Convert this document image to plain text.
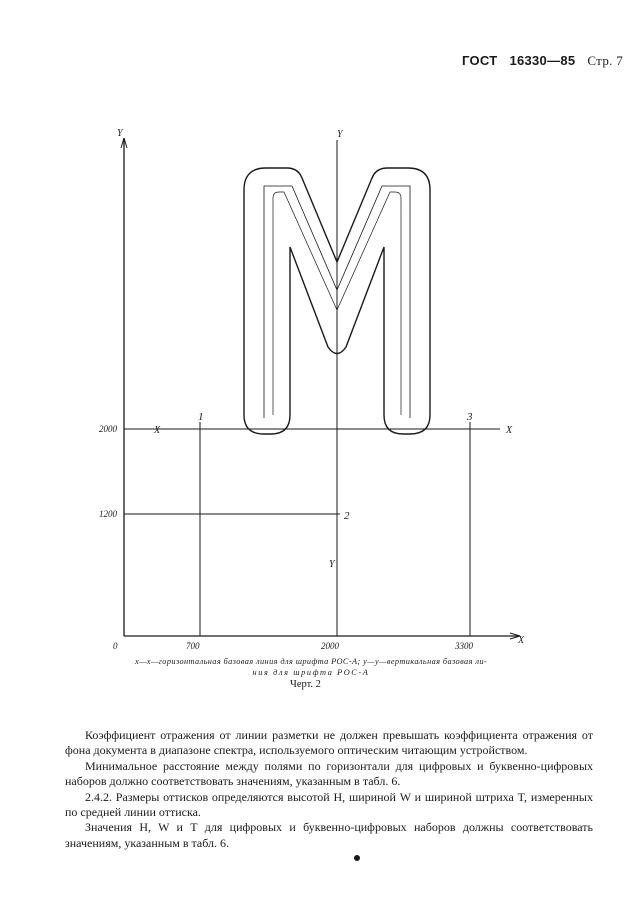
ГОСТ 16330—85 Стр. 7
Y	Y
Y
X
X
X
0
2000
1200
700	2000	3300
1
2
3
x—x—горизонтальная базовая линия для шрифта РОС-А; y—y—вертикальная базовая ли-
ния для шрифта РОС-А
Черт. 2

Коэффициент отражения от линии разметки не должен превышать коэффициента отражения от фона документа в диапазоне спектра, используемого оптическим читающим устройством.

Минимальное расстояние между полями по горизонтали для цифровых и буквенно-цифровых наборов должно соответствовать значениям, указанным в табл. 6.

2.4.2. Размеры оттисков определяются высотой H, шириной W и шириной штриха T, измеренных по средней линии оттиска.

Значения H, W и T для цифровых и буквенно-цифровых наборов должны соответствовать значениям, указанным в табл. 6.
